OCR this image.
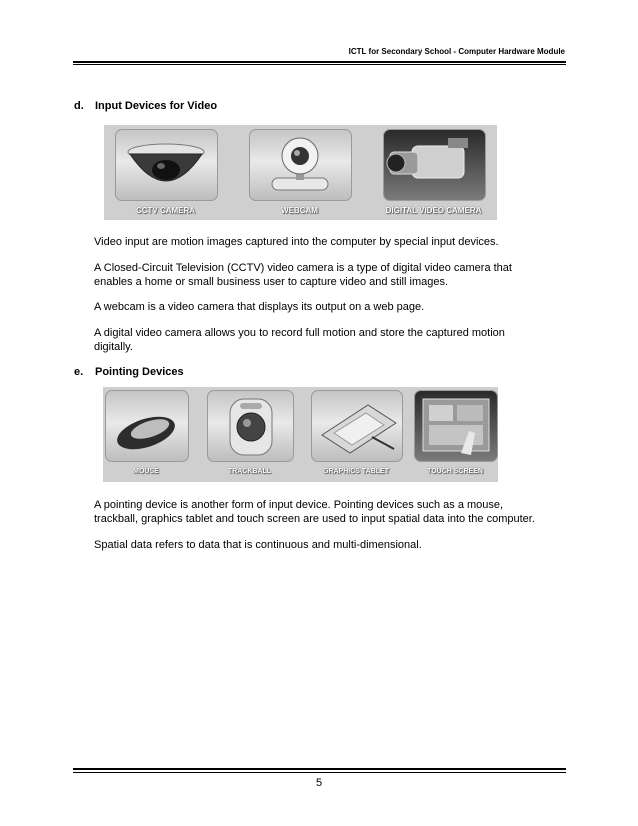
ICTL for Secondary School - Computer Hardware Module
d. Input Devices for Video
CCTV CAMERA	WEBCAM	DIGITAL VIDEO CAMERA
Video input are motion images captured into the computer by special input devices.
A Closed-Circuit Television (CCTV) video camera is a type of digital video camera that enables a home or small business user to capture video and still images.
A webcam is a video camera that displays its output on a web page.
A digital video camera allows you to record full motion and store the captured motion digitally.
e. Pointing Devices
MOUSE	TRACKBALL	GRAPHICS TABLET	TOUCH SCREEN
A pointing device is another form of input device. Pointing devices such as a mouse, trackball, graphics tablet and touch screen are used to input spatial data into the computer.
Spatial data refers to data that is continuous and multi-dimensional.
5
